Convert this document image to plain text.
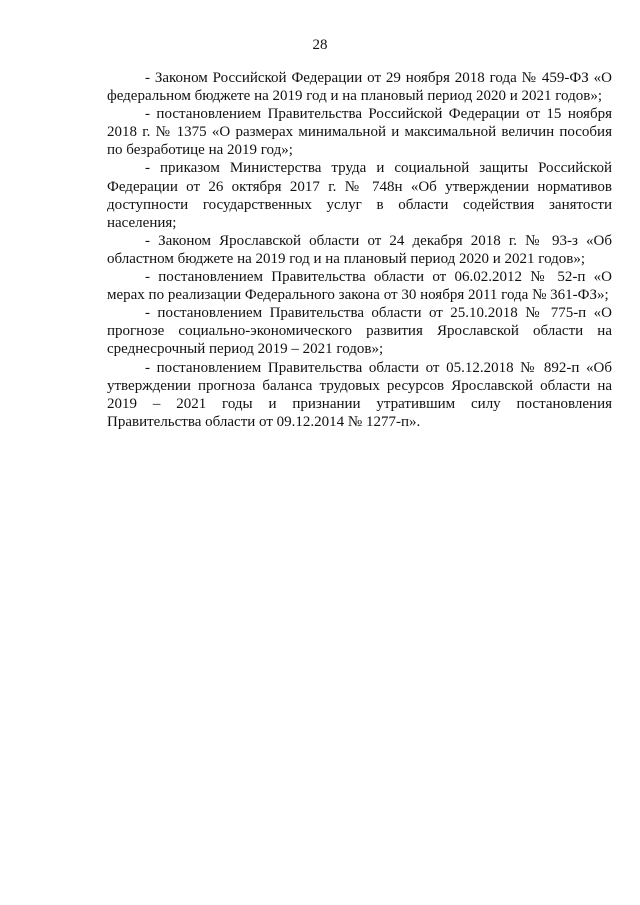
28

- Законом Российской Федерации от 29 ноября 2018 года № 459-ФЗ «О федеральном бюджете на 2019 год и на плановый период 2020 и 2021 годов»;

- постановлением Правительства Российской Федерации от 15 ноября 2018 г. № 1375 «О размерах минимальной и максимальной величин пособия по безработице на 2019 год»;

- приказом Министерства труда и социальной защиты Российской Федерации от 26 октября 2017 г. № 748н «Об утверждении нормативов доступности государственных услуг в области содействия занятости населения;

- Законом Ярославской области от 24 декабря 2018 г. № 93-з «Об областном бюджете на 2019 год и на плановый период 2020 и 2021 годов»;

- постановлением Правительства области от 06.02.2012 № 52-п «О мерах по реализации Федерального закона от 30 ноября 2011 года № 361-ФЗ»;

- постановлением Правительства области от 25.10.2018 № 775-п «О прогнозе социально-экономического развития Ярославской области на среднесрочный период 2019 – 2021 годов»;

- постановлением Правительства области от 05.12.2018 № 892-п «Об утверждении прогноза баланса трудовых ресурсов Ярославской области на 2019 – 2021 годы и признании утратившим силу постановления Правительства области от 09.12.2014 № 1277-п».
